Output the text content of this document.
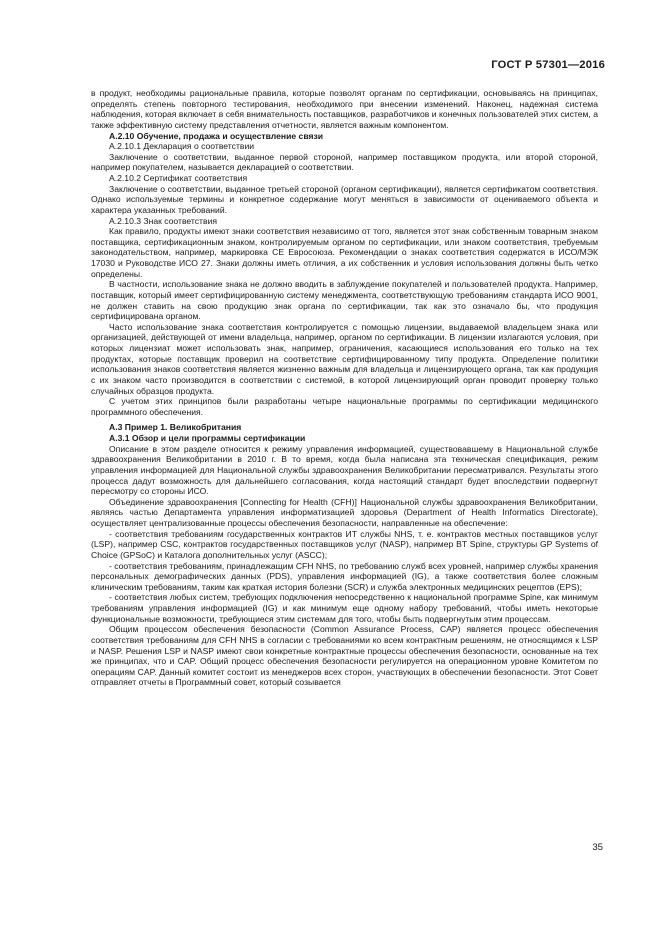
ГОСТ Р 57301—2016

в продукт, необходимы рациональные правила, которые позволят органам по сертификации, основываясь на принципах, определять степень повторного тестирования, необходимого при внесении изменений. Наконец, надежная система наблюдения, которая включает в себя внимательность поставщиков, разработчиков и конечных пользователей этих систем, а также эффективную систему представления отчетности, является важным компонентом.

А.2.10 Обучение, продажа и осуществление связи

А.2.10.1 Декларация о соответствии

Заключение о соответствии, выданное первой стороной, например поставщиком продукта, или второй стороной, например покупателем, называется декларацией о соответствии.

А.2.10.2 Сертификат соответствия

Заключение о соответствии, выданное третьей стороной (органом сертификации), является сертификатом соответствия. Однако используемые термины и конкретное содержание могут меняться в зависимости от оцениваемого объекта и характера указанных требований.

А.2.10.3 Знак соответствия

Как правило, продукты имеют знаки соответствия независимо от того, является этот знак собственным товарным знаком поставщика, сертификационным знаком, контролируемым органом по сертификации, или знаком соответствия, требуемым законодательством, например, маркировка CE Евросоюза. Рекомендации о знаках соответствия содержатся в ИСО/МЭК 17030 и Руководстве ИСО 27. Знаки должны иметь отличия, а их собственник и условия использования должны быть четко определены.

В частности, использование знака не должно вводить в заблуждение покупателей и пользователей продукта. Например, поставщик, который имеет сертифицированную систему менеджмента, соответствующую требованиям стандарта ИСО 9001, не должен ставить на свою продукцию знак органа по сертификации, так как это означало бы, что продукция сертифицирована органом.

Часто использование знака соответствия контролируется с помощью лицензии, выдаваемой владельцем знака или организацией, действующей от имени владельца, например, органом по сертификации. В лицензии излагаются условия, при которых лицензиат может использовать знак, например, ограничения, касающиеся использования его только на тех продуктах, которые поставщик проверил на соответствие сертифицированному типу продукта. Определение политики использования знаков соответствия является жизненно важным для владельца и лицензирующего органа, так как продукция с их знаком часто производится в соответствии с системой, в которой лицензирующий орган проводит проверку только случайных образцов продукта.

С учетом этих принципов были разработаны четыре национальные программы по сертификации медицинского программного обеспечения.

А.3 Пример 1. Великобритания

А.3.1 Обзор и цели программы сертификации

Описание в этом разделе относится к режиму управления информацией, существовавшему в Национальной службе здравоохранения Великобритании в 2010 г. В то время, когда была написана эта техническая спецификация, режим управления информацией для Национальной службы здравоохранения Великобритании пересматривался. Результаты этого процесса дадут возможность для дальнейшего согласования, когда настоящий стандарт будет впоследствии подвергнут пересмотру со стороны ИСО.

Объединение здравоохранения [Connecting for Health (CFH)] Национальной службы здравоохранения Великобритании, являясь частью Департамента управления информатизацией здоровья (Department of Health Informatics Directorate), осуществляет централизованные процессы обеспечения безопасности, направленные на обеспечение:

- соответствия требованиям государственных контрактов ИТ службы NHS, т. е. контрактов местных поставщиков услуг (LSP), например CSC, контрактов государственных поставщиков услуг (NASP), например BT Spine, структуры GP Systems of Choice (GPSoC) и Каталога дополнительных услуг (ASCC);

- соответствия требованиям, принадлежащим CFH NHS, по требованию служб всех уровней, например службы хранения персональных демографических данных (PDS), управления информацией (IG), а также соответствия более сложным клиническим требованиям, таким как краткая история болезни (SCR) и служба электронных медицинских рецептов (EPS);

- соответствия любых систем, требующих подключения непосредственно к национальной программе Spine, как минимум требованиям управления информацией (IG) и как минимум еще одному набору требований, чтобы иметь некоторые функциональные возможности, требующиеся этим системам для того, чтобы быть подвергнутым этим процессам.

Общим процессом обеспечения безопасности (Common Assurance Process, CAP) является процесс обеспечения соответствия требованиям для CFH NHS в согласии с требованиями ко всем контрактным решениям, не относящимся к LSP и NASP. Решения LSP и NASP имеют свои конкретные контрактные процессы обеспечения безопасности, основанные на тех же принципах, что и CAP. Общий процесс обеспечения безопасности регулируется на операционном уровне Комитетом по операциям CAP. Данный комитет состоит из менеджеров всех сторон, участвующих в обеспечении безопасности. Этот Совет отправляет отчеты в Программный совет, который созывается

35
